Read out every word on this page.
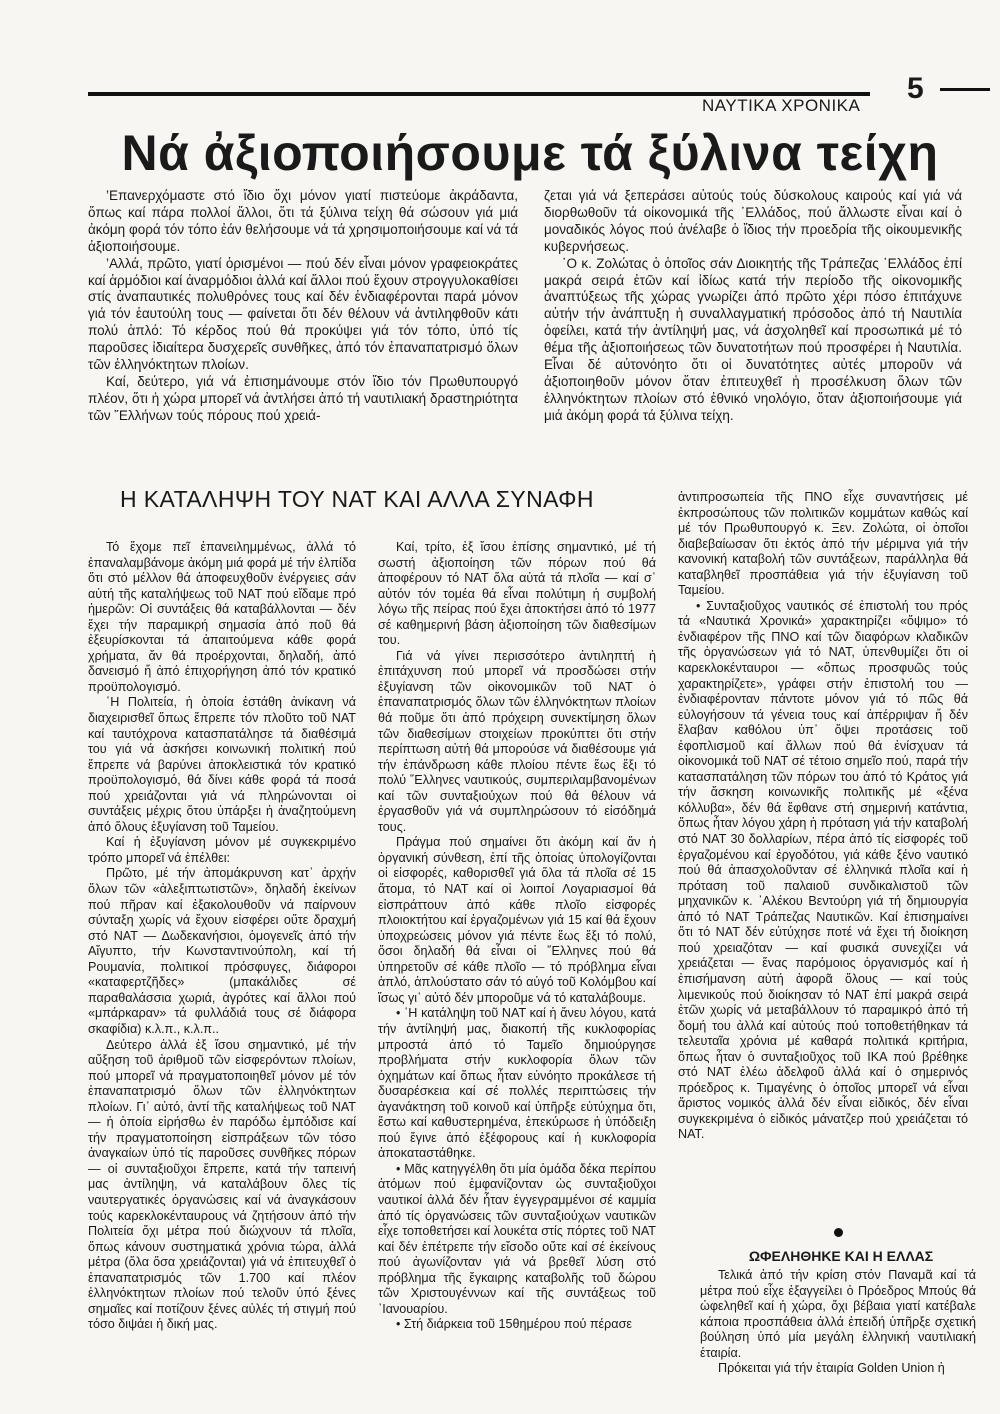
ΝΑΥΤΙΚΑ ΧΡΟΝΙΚΑ
5
Νά ἀξιοποιήσουμε τά ξύλινα τείχη

’Επανερχόμαστε στό ἴδιο ὄχι μόνον γιατί πιστεύομε ἀκράδαντα, ὅπως καί πάρα πολλοί ἄλλοι, ὅτι τά ξύλινα τείχη θά σώσουν γιά μιά ἀκόμη φορά τόν τόπο ἐάν θελήσουμε νά τά χρησιμοποιήσουμε καί νά τά ἀξιοποιήσουμε.

’Αλλά, πρῶτο, γιατί ὁρισμένοι — πού δέν εἶναι μόνον γραφειοκράτες καί ἁρμόδιοι καί ἀναρμόδιοι ἀλλά καί ἄλλοι πού ἔχουν στρογγυλοκαθίσει στίς ἀναπαυτικές πολυθρόνες τους καί δέν ἐνδιαφέρονται παρά μόνον γιά τόν ἑαυτούλη τους — φαίνεται ὅτι δέν θέλουν νά ἀντιληφθοῦν κάτι πολύ ἁπλό: Τό κέρδος πού θά προκύψει γιά τόν τόπο, ὑπό τίς παροῦσες ἰδιαίτερα δυσχερεῖς συνθῆκες, ἀπό τόν ἐπαναπατρισμό ὅλων τῶν ἑλληνόκτητων πλοίων.

Καί, δεύτερο, γιά νά ἐπισημάνουμε στόν ἴδιο τόν Πρωθυπουργό πλέον, ὅτι ἡ χώρα μπορεῖ νά ἀντλήσει ἀπό τή ναυτιλιακή δραστηριότητα τῶν ῞Ελλήνων τούς πόρους πού χρειά-

ζεται γιά νά ξεπεράσει αὐτούς τούς δύσκολους καιρούς καί γιά νά διορθωθοῦν τά οἰκονομικά τῆς ῾Ελλάδος, πού ἄλλωστε εἶναι καί ὁ μοναδικός λόγος πού ἀνέλαβε ὁ ἴδιος τήν προεδρία τῆς οἰκουμενικῆς κυβερνήσεως.

῾Ο κ. Ζολώτας ὁ ὁποῖος σάν Διοικητής τῆς Τράπεζας ῾Ελλάδος ἐπί μακρά σειρά ἐτῶν καί ἰδίως κατά τήν περίοδο τῆς οἰκονομικῆς ἀναπτύξεως τῆς χώρας γνωρίζει ἀπό πρῶτο χέρι πόσο ἐπιτάχυνε αὐτήν τήν ἀνάπτυξη ἡ συναλλαγματική πρόσοδος ἀπό τή Ναυτιλία ὀφείλει, κατά τήν ἀντίληψή μας, νά ἀσχοληθεῖ καί προσωπικά μέ τό θέμα τῆς ἀξιοποιήσεως τῶν δυνατοτήτων πού προσφέρει ἡ Ναυτιλία. Εἶναι δέ αὐτονόητο ὅτι οἱ δυνατότητες αὐτές μποροῦν νά ἀξιοποιηθοῦν μόνον ὅταν ἐπιτευχθεῖ ἡ προσέλκυση ὅλων τῶν ἑλληνόκτητων πλοίων στό ἐθνικό νηολόγιο, ὅταν ἀξιοποιήσουμε γιά μιά ἀκόμη φορά τά ξύλινα τείχη.

Η ΚΑΤΑΛΗΨΗ ΤΟΥ ΝΑΤ ΚΑΙ ΑΛΛΑ ΣΥΝΑΦΗ

Τό ἔχομε πεῖ ἐπανειλημμένως, ἀλλά τό ἐπαναλαμβάνομε ἀκόμη μιά φορά μέ τήν ἐλπίδα ὅτι στό μέλλον θά ἀποφευχθοῦν ἐνέργειες σάν αὐτή τῆς καταλήψεως τοῦ ΝΑΤ πού εἴδαμε πρό ἡμερῶν: Οἱ συντάξεις θά καταβάλλονται — δέν ἔχει τήν παραμικρή σημασία ἀπό ποῦ θά ἐξευρίσκονται τά ἀπαιτούμενα κάθε φορά χρήματα, ἄν θά προέρχονται, δηλαδή, ἀπό δανεισμό ἤ ἀπό ἐπιχορήγηση ἀπό τόν κρατικό προϋπολογισμό.

῾Η Πολιτεία, ἡ ὁποία ἐστάθη ἀνίκανη νά διαχειρισθεῖ ὅπως ἔπρεπε τόν πλοῦτο τοῦ ΝΑΤ καί ταυτόχρονα κατασπατάλησε τά διαθέσιμά του γιά νά ἀσκήσει κοινωνική πολιτική πού ἔπρεπε νά βαρύνει ἀποκλειστικά τόν κρατικό προϋπολογισμό, θά δίνει κάθε φορά τά ποσά πού χρειάζονται γιά νά πληρώνονται οἱ συντάξεις μέχρις ὅτου ὑπάρξει ἡ ἀναζητούμενη ἀπό ὅλους ἐξυγίανση τοῦ Ταμείου.

Καί ἡ ἐξυγίανση μόνον μέ συγκεκριμένο τρόπο μπορεῖ νά ἐπέλθει:

Πρῶτο, μέ τήν ἀπομάκρυνση κατ᾿ ἀρχήν ὅλων τῶν «ἀλεξιπτωτιστῶν», δηλαδή ἐκείνων πού πῆραν καί ἐξακολουθοῦν νά παίρνουν σύνταξη χωρίς νά ἔχουν εἰσφέρει οὔτε δραχμή στό ΝΑΤ — Δωδεκανήσιοι, ὁμογενεῖς ἀπό τήν Αἴγυπτο, τήν Κωνσταντινούπολη, καί τή Ρουμανία, πολιτικοί πρόσφυγες, διάφοροι «καταφερτζῆδες» (μπακάλιδες σέ παραθαλάσσια χωριά, ἀγρότες καί ἄλλοι πού «μπάρκαραν» τά φυλλάδιά τους σέ διάφορα σκαφίδια) κ.λ.π., κ.λ.π..

Δεύτερο ἀλλά ἐξ ἴσου σημαντικό, μέ τήν αὔξηση τοῦ ἀριθμοῦ τῶν εἰσφερόντων πλοίων, πού μπορεῖ νά πραγματοποιηθεῖ μόνον μέ τόν ἐπαναπατρισμό ὅλων τῶν ἑλληνόκτητων πλοίων. Γι᾿ αὐτό, ἀντί τῆς καταλήψεως τοῦ ΝΑΤ — ἡ ὁποία εἰρήσθω ἐν παρόδω ἐμπόδισε καί τήν πραγματοποίηση εἰσπράξεων τῶν τόσο ἀναγκαίων ὑπό τίς παροῦσες συνθῆκες πόρων — οἱ συνταξιοῦχοι ἔπρεπε, κατά τήν ταπεινή μας ἀντίληψη, νά καταλάβουν ὅλες τίς ναυτεργατικές ὀργανώσεις καί νά ἀναγκάσουν τούς καρεκλοκένταυρους νά ζητήσουν ἀπό τήν Πολιτεία ὄχι μέτρα πού διώχνουν τά πλοῖα, ὅπως κάνουν συστηματικά χρόνια τώρα, ἀλλά μέτρα (ὅλα ὅσα χρειάζονται) γιά νά ἐπιτευχθεῖ ὁ ἐπαναπατρισμός τῶν 1.700 καί πλέον ἑλληνόκτητων πλοίων πού τελοῦν ὑπό ξένες σημαῖες καί ποτίζουν ξένες αὐλές τή στιγμή πού τόσο διψάει ἡ δική μας.

Καί, τρίτο, ἐξ ἴσου ἐπίσης σημαντικό, μέ τή σωστή ἀξιοποίηση τῶν πόρων πού θά ἀποφέρουν τό ΝΑΤ ὅλα αὐτά τά πλοῖα — καί σ᾿ αὐτόν τόν τομέα θά εἶναι πολύτιμη ἡ συμβολή λόγω τῆς πείρας πού ἔχει ἀποκτήσει ἀπό τό 1977 σέ καθημερινή βάση ἀξιοποίηση τῶν διαθεσίμων του.

Γιά νά γίνει περισσότερο ἀντιληπτή ἡ ἐπιτάχυνση πού μπορεῖ νά προσδώσει στήν ἐξυγίανση τῶν οἰκονομικῶν τοῦ ΝΑΤ ὁ ἐπαναπατρισμός ὅλων τῶν ἑλληνόκτητων πλοίων θά ποῦμε ὅτι ἀπό πρόχειρη συνεκτίμηση ὅλων τῶν διαθεσίμων στοιχείων προκύπτει ὅτι στήν περίπτωση αὐτή θά μπορούσε νά διαθέσουμε γιά τήν ἐπάνδρωση κάθε πλοίου πέντε ἕως ἔξι τό πολύ ῞Ελληνες ναυτικούς, συμπεριλαμβανομένων καί τῶν συνταξιούχων πού θά θέλουν νά ἐργασθοῦν γιά νά συμπληρώσουν τό εἰσόδημά τους.

Πράγμα πού σημαίνει ὅτι ἀκόμη καί ἄν ἡ ὀργανική σύνθεση, ἐπί τῆς ὁποίας ὑπολογίζονται οἱ εἰσφορές, καθορισθεῖ γιά ὅλα τά πλοῖα σέ 15 ἄτομα, τό ΝΑΤ καί οἱ λοιποί Λογαριασμοί θά εἰσπράττουν ἀπό κάθε πλοῖο εἰσφορές πλοιοκτήτου καί ἐργαζομένων γιά 15 καί θά ἔχουν ὑποχρεώσεις μόνον γιά πέντε ἕως ἔξι τό πολύ, ὅσοι δηλαδή θά εἶναι οἱ ῞Ελληνες πού θά ὑπηρετοῦν σέ κάθε πλοῖο — τό πρόβλημα εἶναι ἁπλό, ἁπλούστατο σάν τό αὐγό τοῦ Κολόμβου καί ἴσως γι᾿ αὐτό δέν μποροῦμε νά τό καταλάβουμε.

• ῾Η κατάληψη τοῦ ΝΑΤ καί ἡ ἄνευ λόγου, κατά τήν ἀντίληψή μας, διακοπή τῆς κυκλοφορίας μπροστά ἀπό τό Ταμεῖο δημιούργησε προβλήματα στήν κυκλοφορία ὅλων τῶν ὀχημάτων καί ὅπως ἦταν εὐνόητο προκάλεσε τή δυσαρέσκεια καί σέ πολλές περιπτώσεις τήν ἀγανάκτηση τοῦ κοινοῦ καί ὑπῆρξε εὐτύχημα ὅτι, ἔστω καί καθυστερημένα, ἐπεκύρωσε ἡ ὑπόδειξη πού ἔγινε ἀπό ἐξέφορους καί ἡ κυκλοφορία ἀποκαταστάθηκε.

• Μᾶς κατηγγέλθη ὅτι μία ὁμάδα δέκα περίπου ἀτόμων πού ἐμφανίζονταν ὡς συνταξιοῦχοι ναυτικοί ἀλλά δέν ἦταν ἐγγεγραμμένοι σέ καμμία ἀπό τίς ὀργανώσεις τῶν συνταξιούχων ναυτικῶν εἶχε τοποθετήσει καί λουκέτα στίς πόρτες τοῦ ΝΑΤ καί δέν ἐπέτρεπε τήν εἴσοδο οὔτε καί σέ ἐκείνους πού ἀγωνίζονταν γιά νά βρεθεῖ λύση στό πρόβλημα τῆς ἔγκαιρης καταβολῆς τοῦ δώρου τῶν Χριστουγέννων καί τῆς συντάξεως τοῦ ᾿Ιανουαρίου.

• Στή διάρκεια τοῦ 15θημέρου πού πέρασε

ἀντιπροσωπεία τῆς ΠΝΟ εἶχε συναντήσεις μέ ἐκπροσώπους τῶν πολιτικῶν κομμάτων καθώς καί μέ τόν Πρωθυπουργό κ. Ξεν. Ζολώτα, οἱ ὁποῖοι διαβεβαίωσαν ὅτι ἐκτός ἀπό τήν μέριμνα γιά τήν κανονική καταβολή τῶν συντάξεων, παράλληλα θά καταβληθεῖ προσπάθεια γιά τήν ἐξυγίανση τοῦ Ταμείου.

• Συνταξιοῦχος ναυτικός σέ ἐπιστολή του πρός τά «Ναυτικά Χρονικά» χαρακτηρίζει «ὄψιμο» τό ἐνδιαφέρον τῆς ΠΝΟ καί τῶν διαφόρων κλαδικῶν τῆς ὀργανώσεων γιά τό ΝΑΤ, ὑπενθυμίζει ὅτι οἱ καρεκλοκένταυροι — «ὅπως προσφυῶς τούς χαρακτηρίζετε», γράφει στήν ἐπιστολή του — ἐνδιαφέρονταν πάντοτε μόνον γιά τό πῶς θά εὐλογήσουν τά γένεια τους καί ἀπέρριψαν ἤ δέν ἔλαβαν καθόλου ὑπ᾿ ὄψει προτάσεις τοῦ ἐφοπλισμοῦ καί ἄλλων πού θά ἐνίσχυαν τά οἰκονομικά τοῦ ΝΑΤ σέ τέτοιο σημεῖο πού, παρά τήν κατασπατάληση τῶν πόρων του ἀπό τό Κράτος γιά τήν ἄσκηση κοινωνικῆς πολιτικῆς μέ «ξένα κόλλυβα», δέν θά ἔφθανε στή σημερινή κατάντια, ὅπως ἦταν λόγου χάρη ἡ πρόταση γιά τήν καταβολή στό ΝΑΤ 30 δολλαρίων, πέρα ἀπό τίς εἰσφορές τοῦ ἐργαζομένου καί ἐργοδότου, γιά κάθε ξένο ναυτικό πού θά ἀπασχολοῦνταν σέ ἑλληνικά πλοῖα καί ἡ πρόταση τοῦ παλαιοῦ συνδικαλιστοῦ τῶν μηχανικῶν κ. ᾿Αλέκου Βεντούρη γιά τή δημιουργία ἀπό τό ΝΑΤ Τράπεζας Ναυτικῶν. Καί ἐπισημαίνει ὅτι τό ΝΑΤ δέν εὐτύχησε ποτέ νά ἔχει τή διοίκηση πού χρειαζόταν — καί φυσικά συνεχίζει νά χρειάζεται — ἕνας παρόμοιος ὀργανισμός καί ἡ ἐπισήμανση αὐτή ἀφορᾶ ὅλους — καί τούς λιμενικούς πού διοίκησαν τό ΝΑΤ ἐπί μακρά σειρά ἐτῶν χωρίς νά μεταβάλλουν τό παραμικρό ἀπό τή δομή του ἀλλά καί αὐτούς πού τοποθετήθηκαν τά τελευταῖα χρόνια μέ καθαρά πολιτικά κριτήρια, ὅπως ἦταν ὁ συνταξιοῦχος τοῦ ΙΚΑ πού βρέθηκε στό ΝΑΤ ἐλέω ἀδελφοῦ ἀλλά καί ὁ σημερινός πρόεδρος κ. Τιμαγένης ὁ ὁποῖος μπορεῖ νά εἶναι ἄριστος νομικός ἀλλά δέν εἶναι εἰδικός, δέν εἶναι συγκεκριμένα ὁ εἰδικός μάνατζερ πού χρειάζεται τό ΝΑΤ.

ΩΦΕΛΗΘΗΚΕ ΚΑΙ Η ΕΛΛΑΣ

Τελικά ἀπό τήν κρίση στόν Παναμᾶ καί τά μέτρα πού εἶχε ἐξαγγείλει ὁ Πρόεδρος Μπούς θά ὠφεληθεῖ καί ἡ χώρα, ὄχι βέβαια γιατί κατέβαλε κάποια προσπάθεια ἀλλά ἐπειδή ὑπῆρξε σχετική βούληση ὑπό μία μεγάλη ἑλληνική ναυτιλιακή ἑταιρία.

Πρόκειται γιά τήν ἑταιρία Golden Union ἡ
